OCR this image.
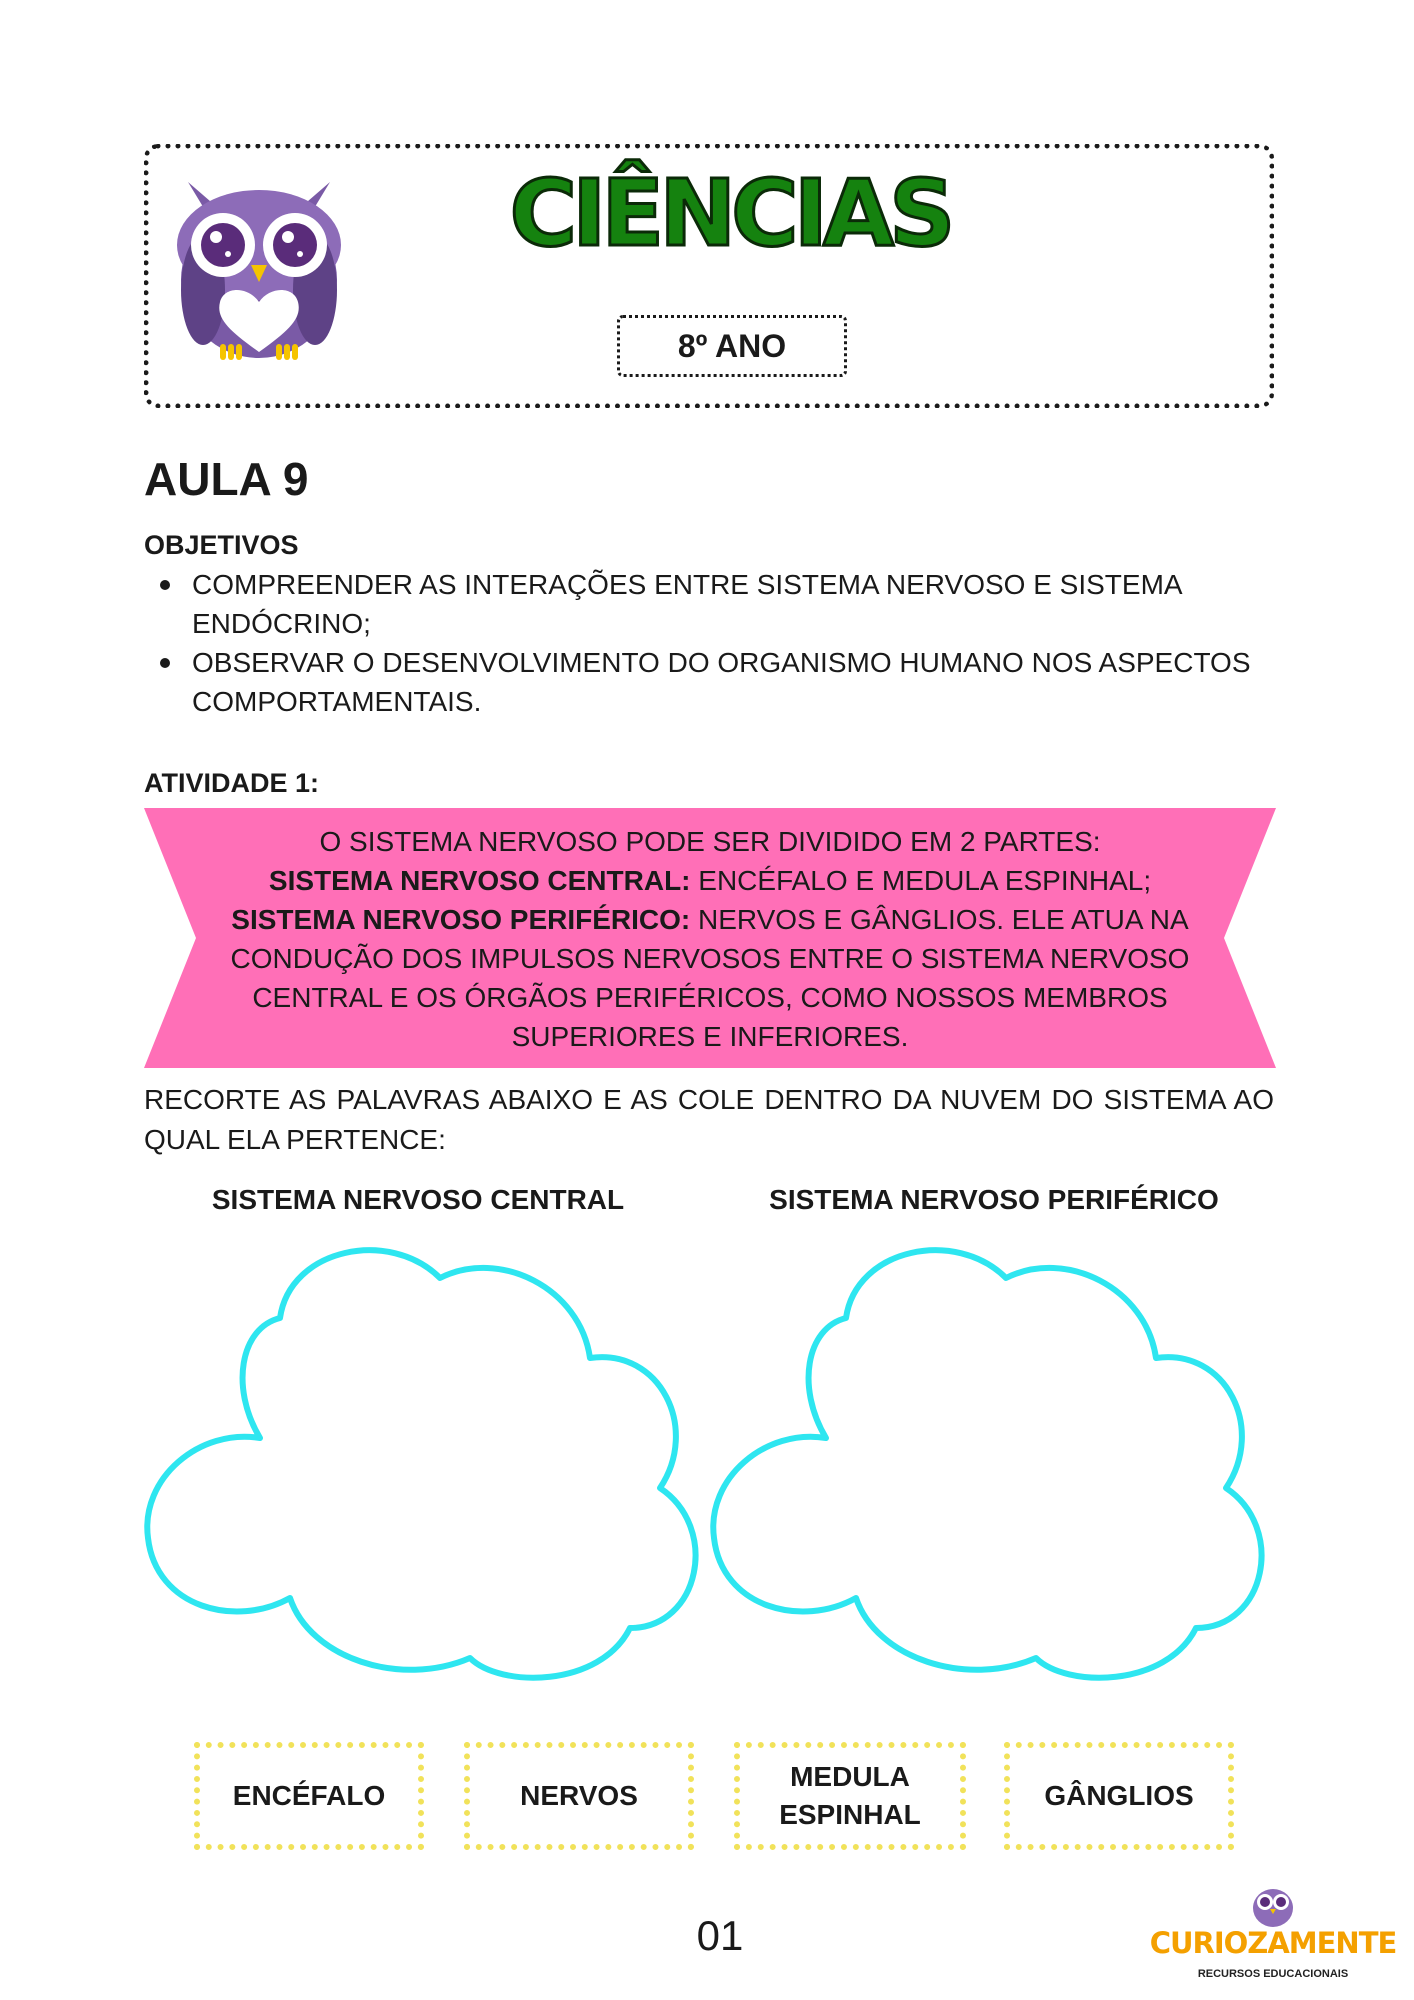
CIÊNCIAS
8º ANO
AULA 9
OBJETIVOS
COMPREENDER AS INTERAÇÕES ENTRE SISTEMA NERVOSO E SISTEMA ENDÓCRINO;
OBSERVAR O DESENVOLVIMENTO DO ORGANISMO HUMANO NOS ASPECTOS COMPORTAMENTAIS.
ATIVIDADE 1:
O SISTEMA NERVOSO PODE SER DIVIDIDO EM 2 PARTES:
SISTEMA NERVOSO CENTRAL: ENCÉFALO E MEDULA ESPINHAL;
SISTEMA NERVOSO PERIFÉRICO: NERVOS E GÂNGLIOS. ELE ATUA NA CONDUÇÃO DOS IMPULSOS NERVOSOS ENTRE O SISTEMA NERVOSO CENTRAL E OS ÓRGÃOS PERIFÉRICOS, COMO NOSSOS MEMBROS SUPERIORES E INFERIORES.
RECORTE AS PALAVRAS ABAIXO E AS COLE DENTRO DA NUVEM DO SISTEMA AO QUAL ELA PERTENCE:
SISTEMA NERVOSO CENTRAL	SISTEMA NERVOSO PERIFÉRICO
ENCÉFALO	NERVOS
MEDULA ESPINHAL
GÂNGLIOS
01	CURIOZAMENTE
RECURSOS EDUCACIONAIS
